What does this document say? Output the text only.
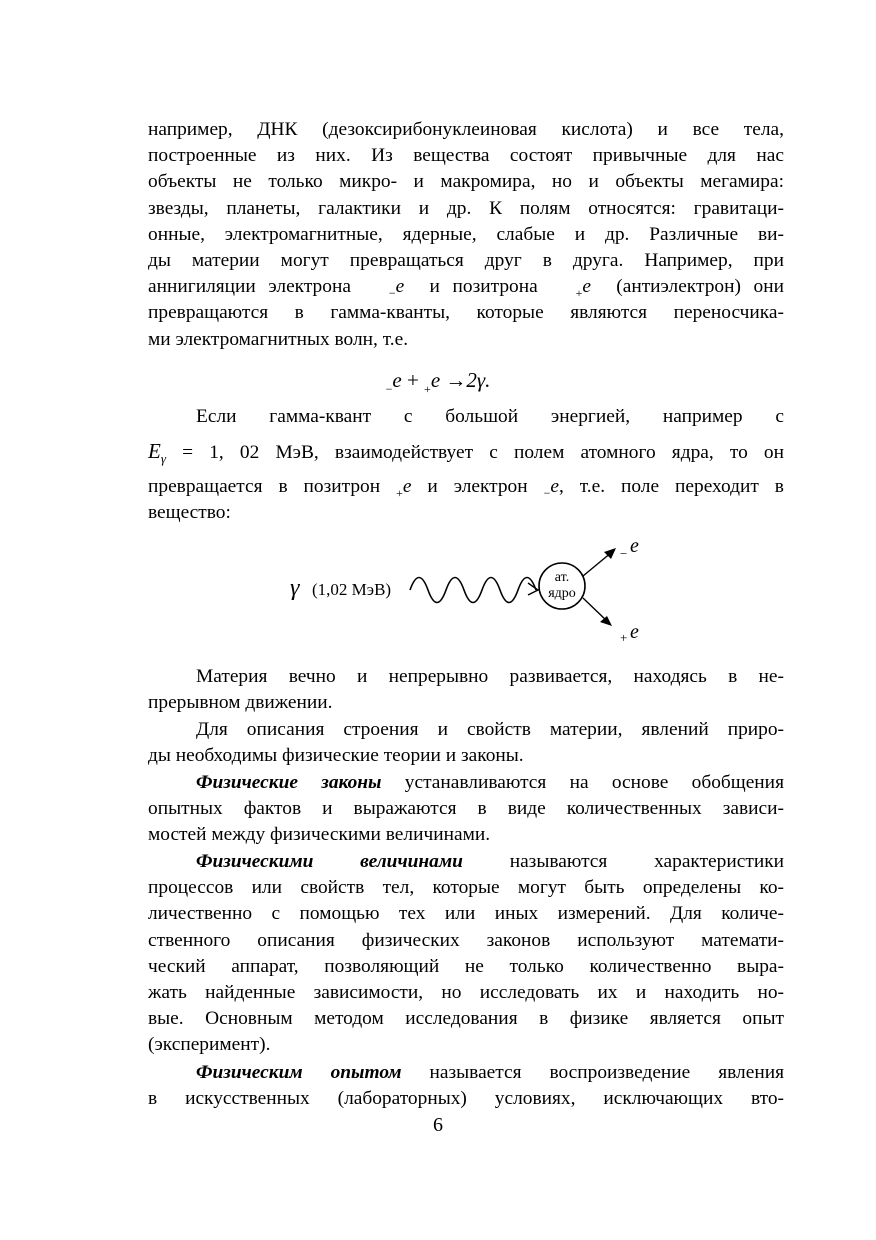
например, ДНК (дезоксирибонуклеиновая кислота) и все тела,
построенные из них. Из вещества состоят привычные для нас
объекты не только микро- и макромира, но и объекты мегамира:
звезды, планеты, галактики и др. К полям относятся: гравитаци-
онные, электромагнитные, ядерные, слабые и др. Различные ви-
ды материи могут превращаться друг в друга. Например, при
аннигиляции электрона	$_-$e и позитрона	$_+$e (антиэлектрон) они
превращаются в гамма-кванты, которые являются переносчика-
ми электромагнитных волн, т.е.
$_-$e + $_+$e →2γ.
Если гамма-квант с большой энергией, например с
$E_\gamma = 1$, 02 МэВ, взаимодействует с полем атомного ядра, то он
превращается в позитрон $_+$e и электрон $_-$e, т.е. поле переходит в
вещество:
γ (1,02 МэВ)
ат.
ядро
− e
+ e
Материя вечно и непрерывно развивается, находясь в не-
прерывном движении.
Для описания строения и свойств материи, явлений приро-
ды необходимы физические теории и законы.
Физические законы устанавливаются на основе обобщения
опытных фактов и выражаются в виде количественных зависи-
мостей между физическими величинами.
Физическими величинами называются характеристики
процессов или свойств тел, которые могут быть определены ко-
личественно с помощью тех или иных измерений. Для количе-
ственного описания физических законов используют математи-
ческий аппарат, позволяющий не только количественно выра-
жать найденные зависимости, но исследовать их и находить но-
вые. Основным методом исследования в физике является опыт
(эксперимент).
Физическим опытом называется воспроизведение явления
в искусственных (лабораторных) условиях, исключающих вто-
6
